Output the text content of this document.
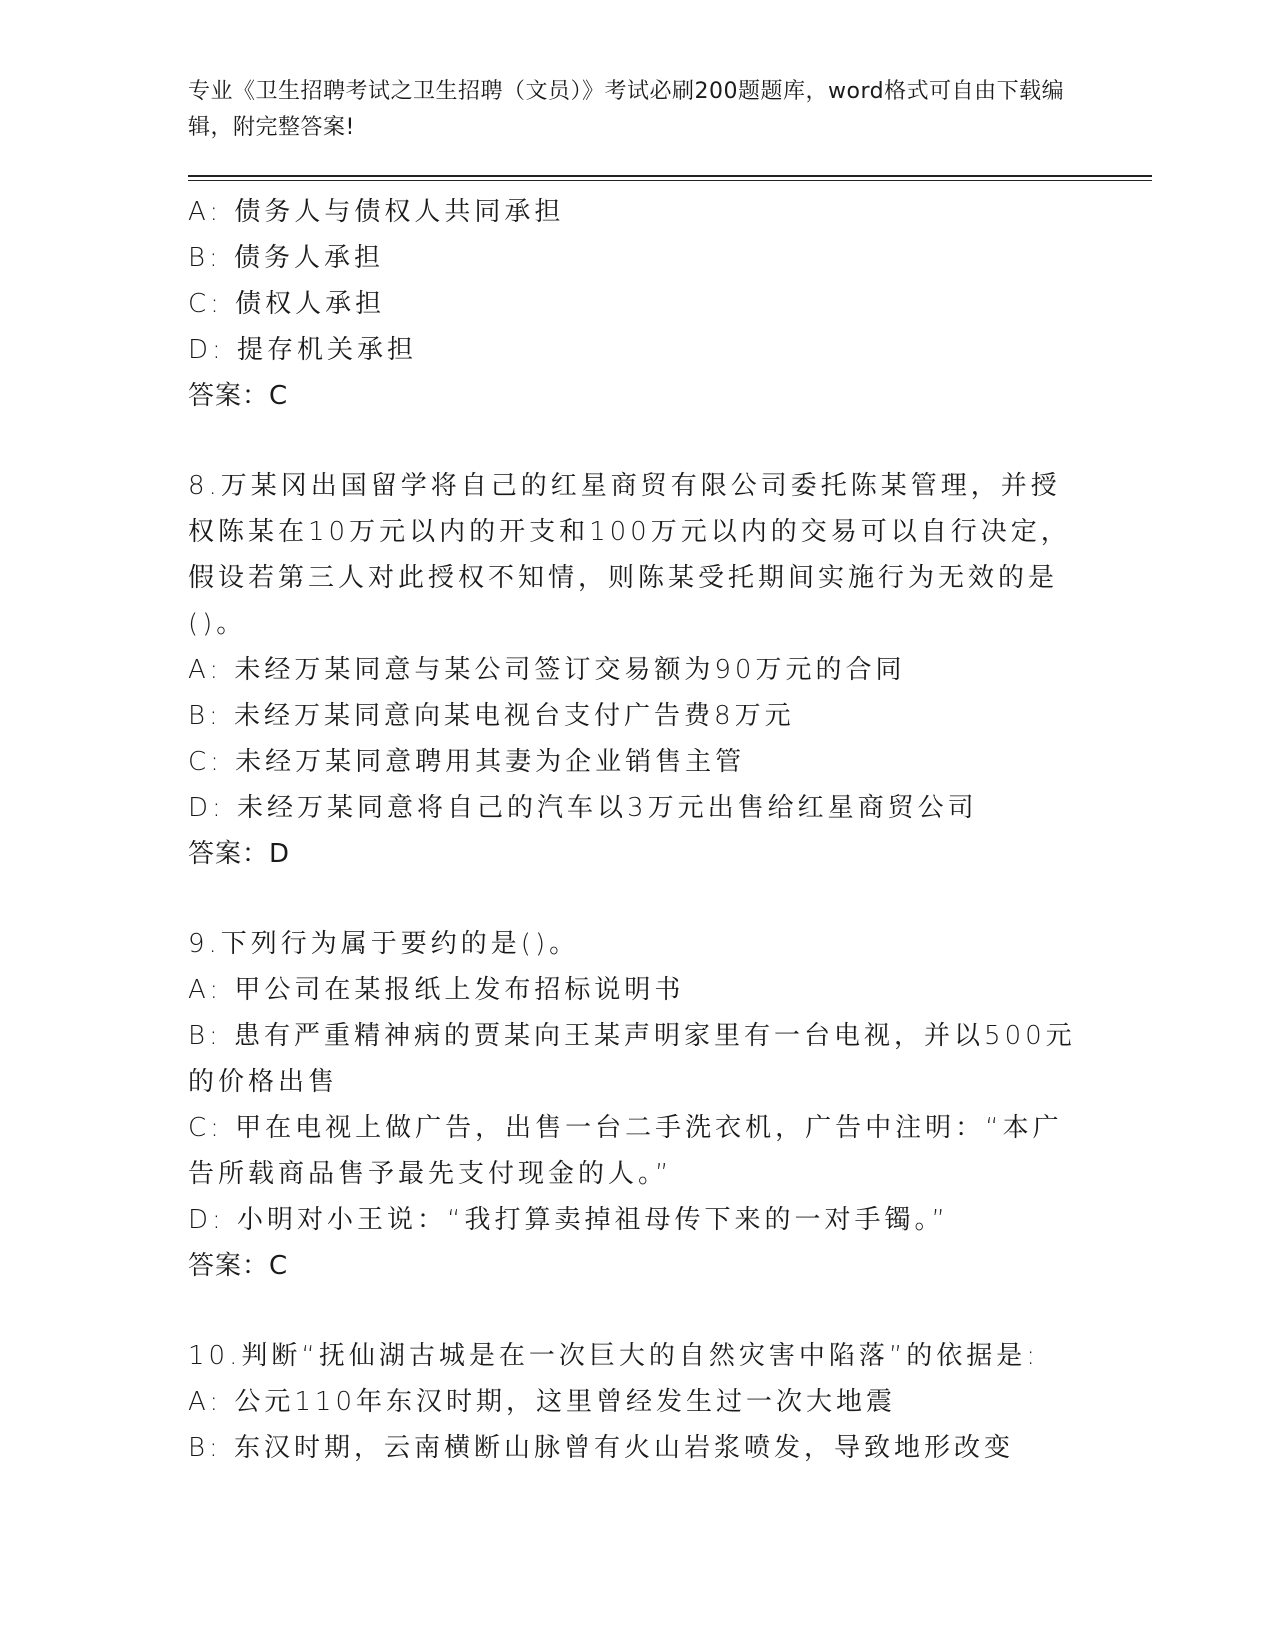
专业《卫生招聘考试之卫生招聘（文员）》考试必刷200题题库，word格式可自由下载编辑，附完整答案!
A: 债务人与债权人共同承担
B: 债务人承担
C: 债权人承担
D: 提存机关承担
答案：C
8.万某冈出国留学将自己的红星商贸有限公司委托陈某管理，并授权陈某在10万元以内的开支和100万元以内的交易可以自行决定，假设若第三人对此授权不知情，则陈某受托期间实施行为无效的是()。
A: 未经万某同意与某公司签订交易额为90万元的合同
B: 未经万某同意向某电视台支付广告费8万元
C: 未经万某同意聘用其妻为企业销售主管
D: 未经万某同意将自己的汽车以3万元出售给红星商贸公司
答案：D
9.下列行为属于要约的是()。
A: 甲公司在某报纸上发布招标说明书
B: 患有严重精神病的贾某向王某声明家里有一台电视，并以500元的价格出售
C: 甲在电视上做广告，出售一台二手洗衣机，广告中注明：“本广告所载商品售予最先支付现金的人。”
D: 小明对小王说：“我打算卖掉祖母传下来的一对手镯。”
答案：C
10.判断“抚仙湖古城是在一次巨大的自然灾害中陷落”的依据是:
A: 公元110年东汉时期，这里曾经发生过一次大地震
B: 东汉时期，云南横断山脉曾有火山岩浆喷发，导致地形改变
